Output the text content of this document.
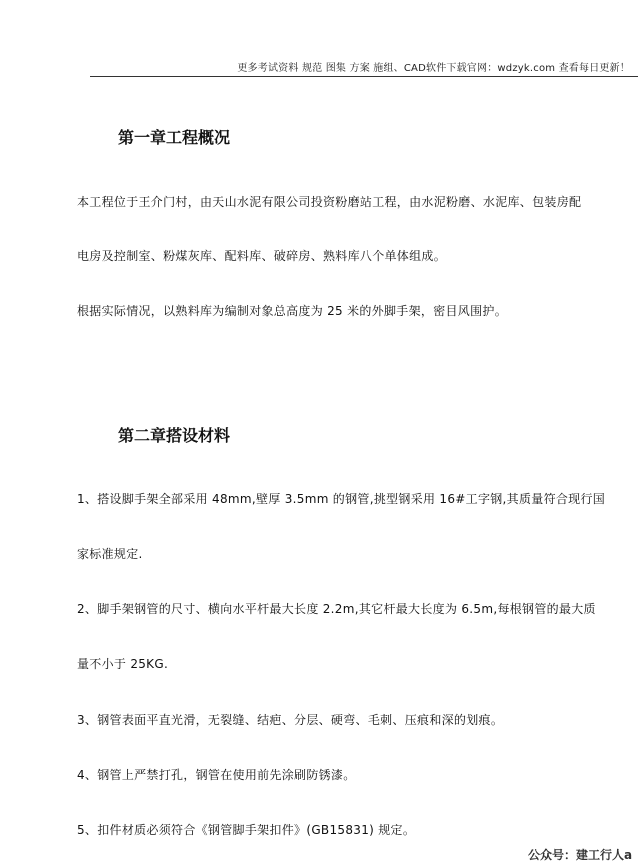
更多考试资料 规范 图集 方案 施组、CAD软件下载官网：wdzyk.com 查看每日更新！
第一章工程概况
本工程位于王介门村，由天山水泥有限公司投资粉磨站工程，由水泥粉磨、水泥库、包装房配
电房及控制室、粉煤灰库、配料库、破碎房、熟料库八个单体组成。
根据实际情况，以熟料库为编制对象总高度为 25 米的外脚手架，密目风围护。
第二章搭设材料
1、搭设脚手架全部采用 48mm,壁厚 3.5mm 的钢管,挑型钢采用 16#工字钢,其质量符合现行国
家标准规定.
2、脚手架钢管的尺寸、横向水平杆最大长度 2.2m,其它杆最大长度为 6.5m,每根钢管的最大质
量不小于 25KG.
3、钢管表面平直光滑，无裂缝、结疤、分层、硬弯、毛刺、压痕和深的划痕。
4、钢管上严禁打孔，钢管在使用前先涂刷防锈漆。
5、扣件材质必须符合《钢管脚手架扣件》(GB15831) 规定。
公众号：建工行人a
